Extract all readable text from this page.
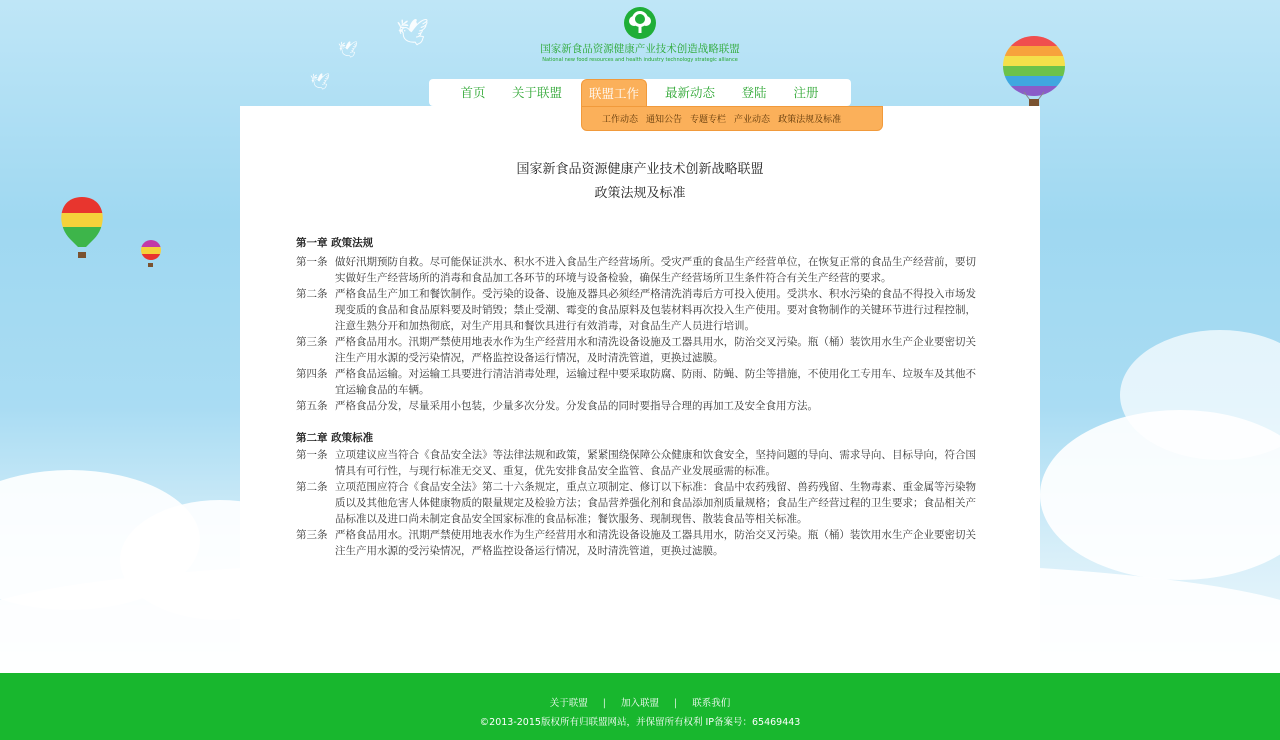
🕊
🕊
🕊
国家新食品资源健康产业技术创造战略联盟
National new food resources and health industry technology strategic alliance
国家新食品资源健康产业技术创新战略联盟
政策法规及标准
第一章 政策法规
第一条 做好汛期预防自救。尽可能保证洪水、积水不进入食品生产经营场所。受灾严重的食品生产经营单位，在恢复正常的食品生产经营前，要切实做好生产经营场所的消毒和食品加工各环节的环境与设备检验，确保生产经营场所卫生条件符合有关生产经营的要求。
第二条 严格食品生产加工和餐饮制作。受污染的设备、设施及器具必须经严格清洗消毒后方可投入使用。受洪水、积水污染的食品不得投入市场发现变质的食品和食品原料要及时销毁；禁止受潮、霉变的食品原料及包装材料再次投入生产使用。要对食物制作的关键环节进行过程控制，注意生熟分开和加热彻底，对生产用具和餐饮具进行有效消毒，对食品生产人员进行培训。
第三条 严格食品用水。汛期严禁使用地表水作为生产经营用水和清洗设备设施及工器具用水，防治交叉污染。瓶（桶）装饮用水生产企业要密切关注生产用水源的受污染情况，严格监控设备运行情况，及时清洗管道，更换过滤膜。
第四条 严格食品运输。对运输工具要进行清洁消毒处理，运输过程中要采取防腐、防雨、防蝇、防尘等措施，不使用化工专用车、垃圾车及其他不宜运输食品的车辆。
第五条 严格食品分发，尽量采用小包装，少量多次分发。分发食品的同时要指导合理的再加工及安全食用方法。
第二章 政策标准
第一条 立项建议应当符合《食品安全法》等法律法规和政策，紧紧围绕保障公众健康和饮食安全，坚持问题的导向、需求导向、目标导向，符合国情具有可行性，与现行标准无交叉、重复，优先安排食品安全监管、食品产业发展亟需的标准。
第二条 立项范围应符合《食品安全法》第二十六条规定，重点立项制定、修订以下标准：食品中农药残留、兽药残留、生物毒素、重金属等污染物质以及其他危害人体健康物质的限量规定及检验方法；食品营养强化剂和食品添加剂质量规格；食品生产经营过程的卫生要求；食品相关产品标准以及进口尚未制定食品安全国家标准的食品标准；餐饮服务、现制现售、散装食品等相关标准。
第三条 严格食品用水。汛期严禁使用地表水作为生产经营用水和清洗设备设施及工器具用水，防治交叉污染。瓶（桶）装饮用水生产企业要密切关注生产用水源的受污染情况，严格监控设备运行情况，及时清洗管道，更换过滤膜。
首页	关于联盟	联盟工作	最新动态	登陆	注册
工作动态 通知公告 专题专栏 产业动态 政策法规及标准
关于联盟 | 加入联盟 | 联系我们
©2013-2015版权所有归联盟网站，并保留所有权利 IP备案号：65469443
